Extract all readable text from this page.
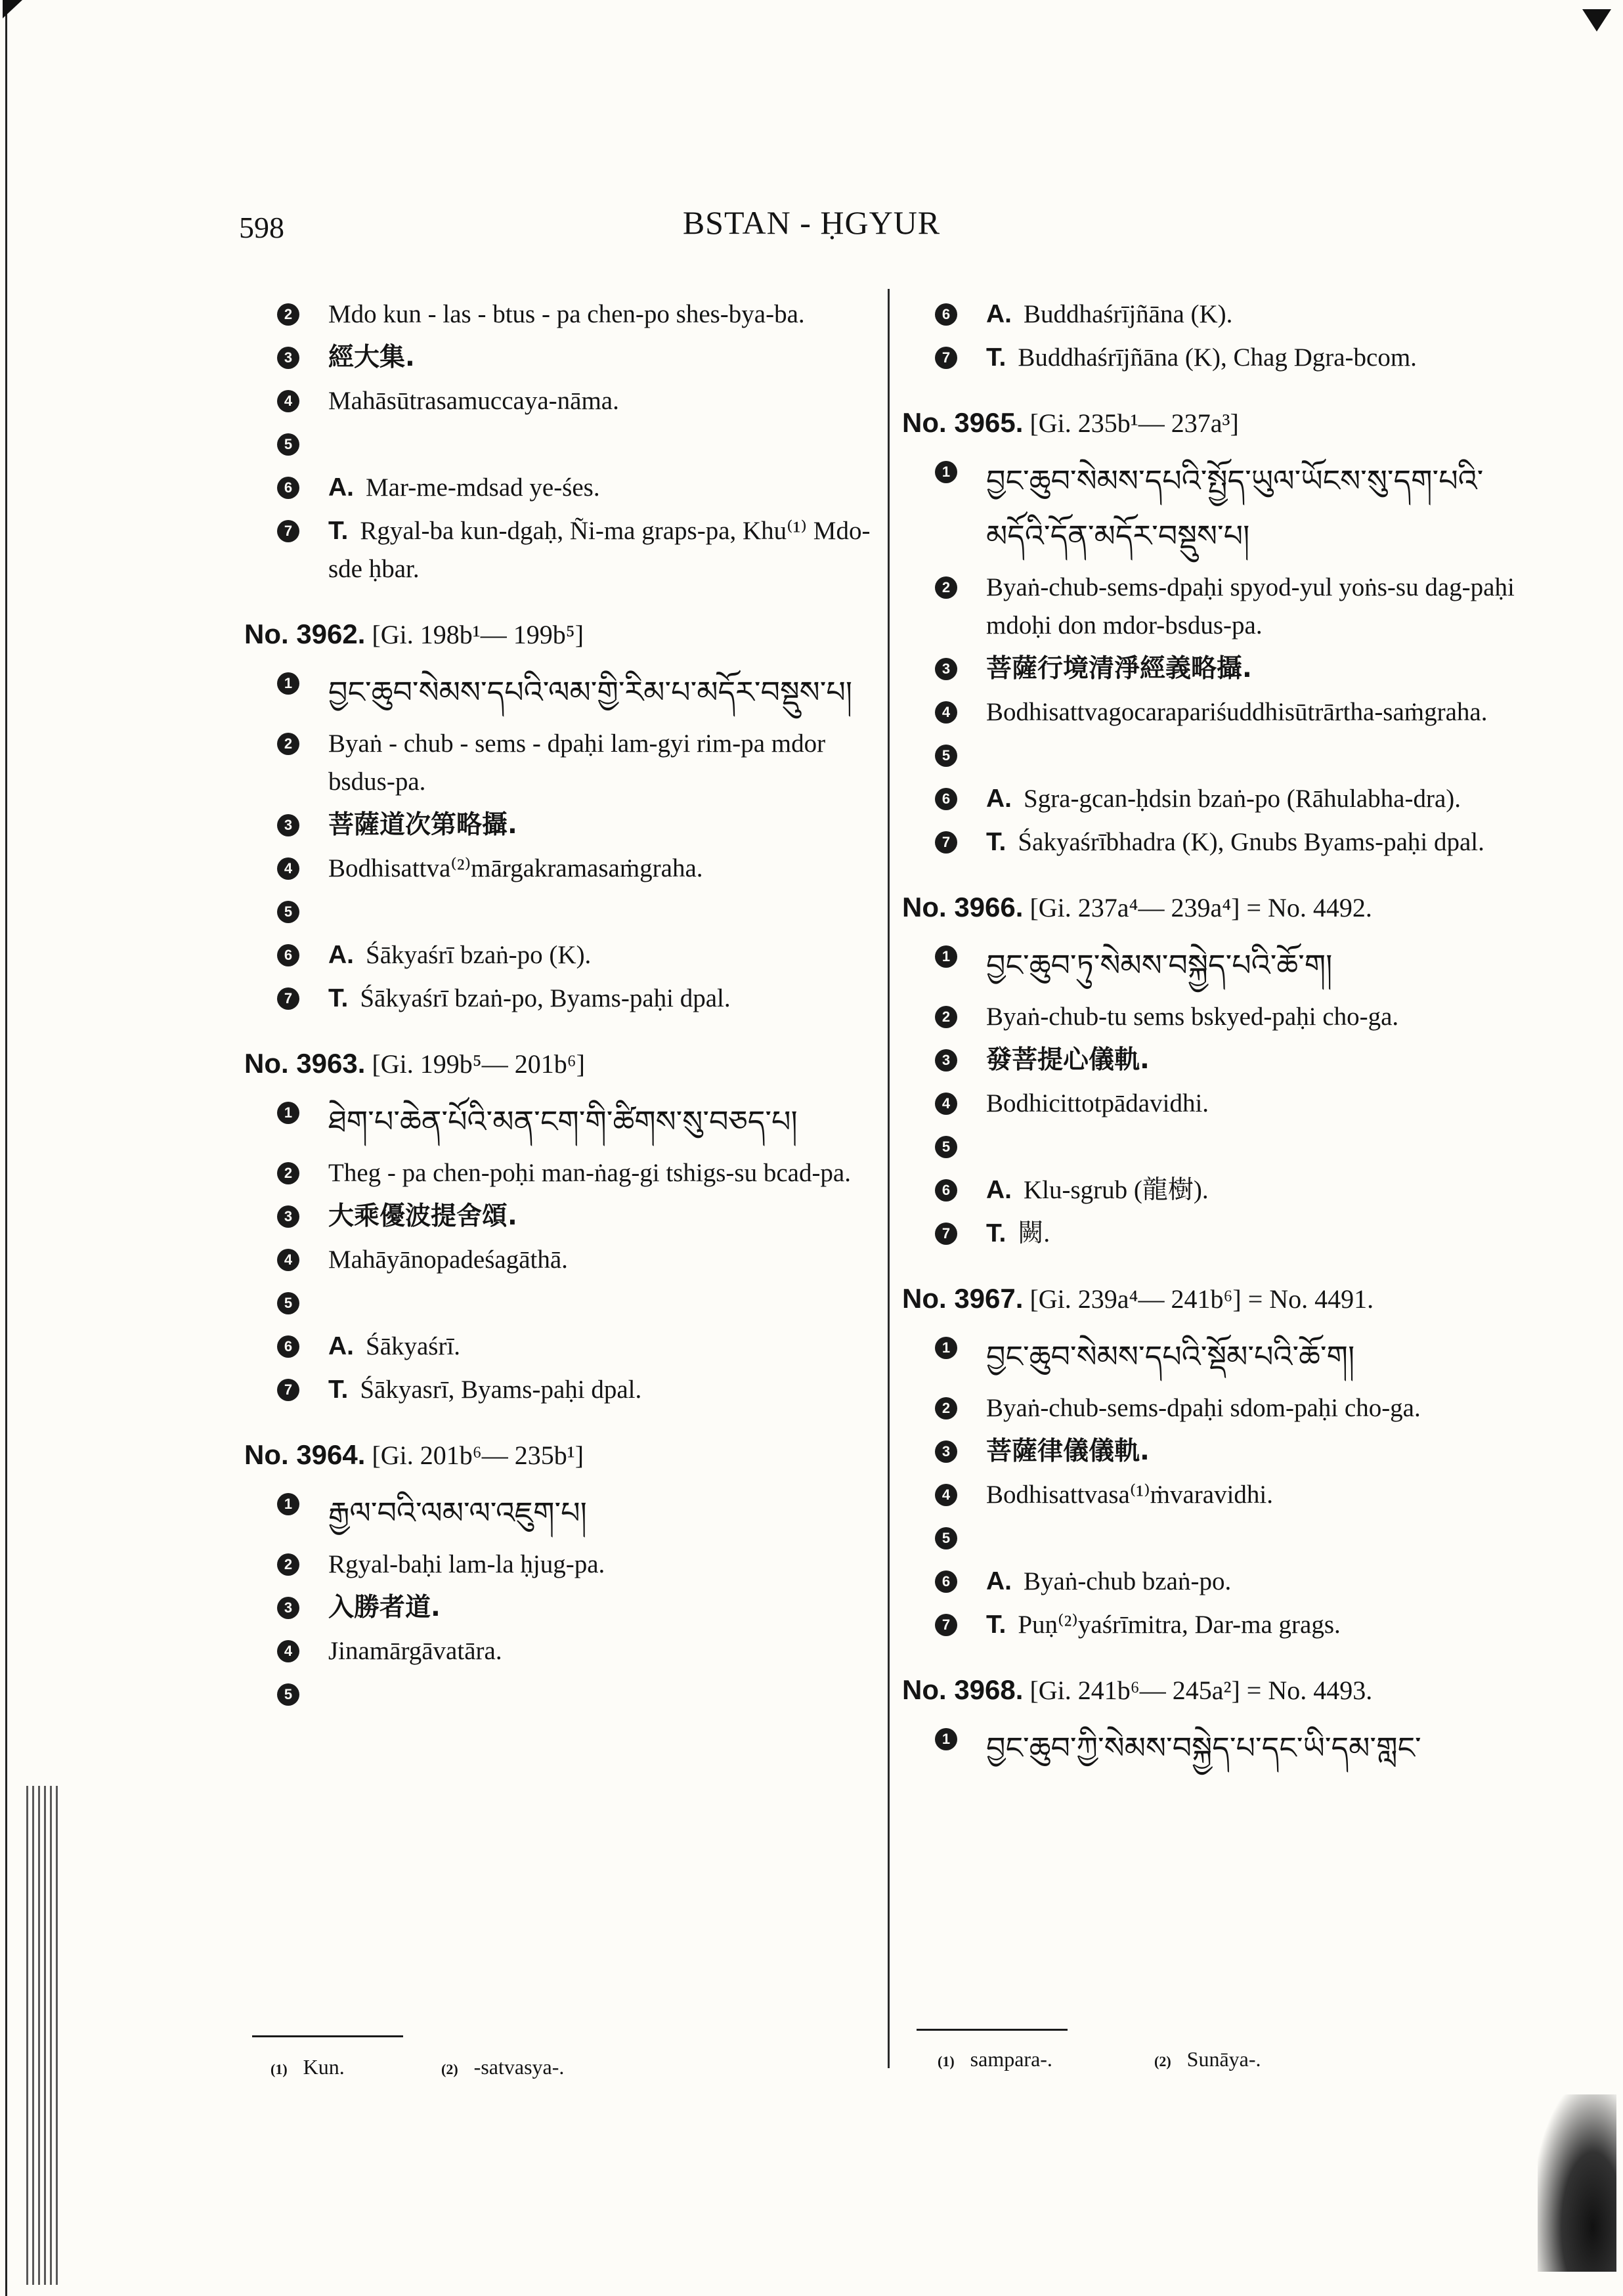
598	BSTAN - ḤGYUR
2 Mdo kun - las - btus - pa chen-po shes-bya-ba.
3 經大集.
4 Mahāsūtrasamuccaya-nāma.
5
6 A. Mar-me-mdsad ye-śes.
7 T. Rgyal-ba kun-dgaḥ, Ñi-ma graps-pa, Khu⁽¹⁾ Mdo-sde ḥbar.
No. 3962. [Gi. 198b¹— 199b⁵]
1 བྱང་ཆུབ་སེམས་དཔའི་ལམ་གྱི་རིམ་པ་མདོར་བསྡུས་པ།
2 Byaṅ - chub - sems - dpaḥi lam-gyi rim-pa mdor bsdus-pa.
3 菩薩道次第略攝.
4 Bodhisattva⁽²⁾mārgakramasaṁgraha.
5
6 A. Śākyaśrī bzaṅ-po (K).
7 T. Śākyaśrī bzaṅ-po, Byams-paḥi dpal.
No. 3963. [Gi. 199b⁵— 201b⁶]
1 ཐེག་པ་ཆེན་པོའི་མན་ངག་གི་ཚིགས་སུ་བཅད་པ།
2 Theg - pa chen-poḥi man-ṅag-gi tshigs-su bcad-pa.
3 大乘優波提舍頌.
4 Mahāyānopadeśagāthā.
5
6 A. Śākyaśrī.
7 T. Śākyasrī, Byams-paḥi dpal.
No. 3964. [Gi. 201b⁶— 235b¹]
1 རྒྱལ་བའི་ལམ་ལ་འཇུག་པ།
2 Rgyal-baḥi lam-la ḥjug-pa.
3 入勝者道.
4 Jinamārgāvatāra.
5
6 A. Buddhaśrījñāna (K).
7 T. Buddhaśrījñāna (K), Chag Dgra-bcom.
No. 3965. [Gi. 235b¹— 237a³]
1 བྱང་ཆུབ་སེམས་དཔའི་སྤྱོད་ཡུལ་ཡོངས་སུ་དག་པའི་མདོའི་དོན་མདོར་བསྡུས་པ།
2 Byaṅ-chub-sems-dpaḥi spyod-yul yoṅs-su dag-paḥi mdoḥi don mdor-bsdus-pa.
3 菩薩行境清淨經義略攝.
4 Bodhisattvagocarapariśuddhisūtrārtha-saṁgraha.
5
6 A. Sgra-gcan-ḥdsin bzaṅ-po (Rāhulabha-dra).
7 T. Śakyaśrībhadra (K), Gnubs Byams-paḥi dpal.
No. 3966. [Gi. 237a⁴— 239a⁴] = No. 4492.
1 བྱང་ཆུབ་ཏུ་སེམས་བསྐྱེད་པའི་ཆོ་ག།
2 Byaṅ-chub-tu sems bskyed-paḥi cho-ga.
3 發菩提心儀軌.
4 Bodhicittotpādavidhi.
5
6 A. Klu-sgrub (龍樹).
7 T. 闕.
No. 3967. [Gi. 239a⁴— 241b⁶] = No. 4491.
1 བྱང་ཆུབ་སེམས་དཔའི་སྡོམ་པའི་ཆོ་ག།
2 Byaṅ-chub-sems-dpaḥi sdom-paḥi cho-ga.
3 菩薩律儀儀軌.
4 Bodhisattvasa⁽¹⁾ṁvaravidhi.
5
6 A. Byaṅ-chub bzaṅ-po.
7 T. Puṇ⁽²⁾yaśrīmitra, Dar-ma grags.
No. 3968. [Gi. 241b⁶— 245a²] = No. 4493.
1 བྱང་ཆུབ་ཀྱི་སེམས་བསྐྱེད་པ་དང་ཡི་དམ་གླང་
(1) Kun.	(2) -satvasya-.	(1) sampara-.	(2) Sunāya-.
